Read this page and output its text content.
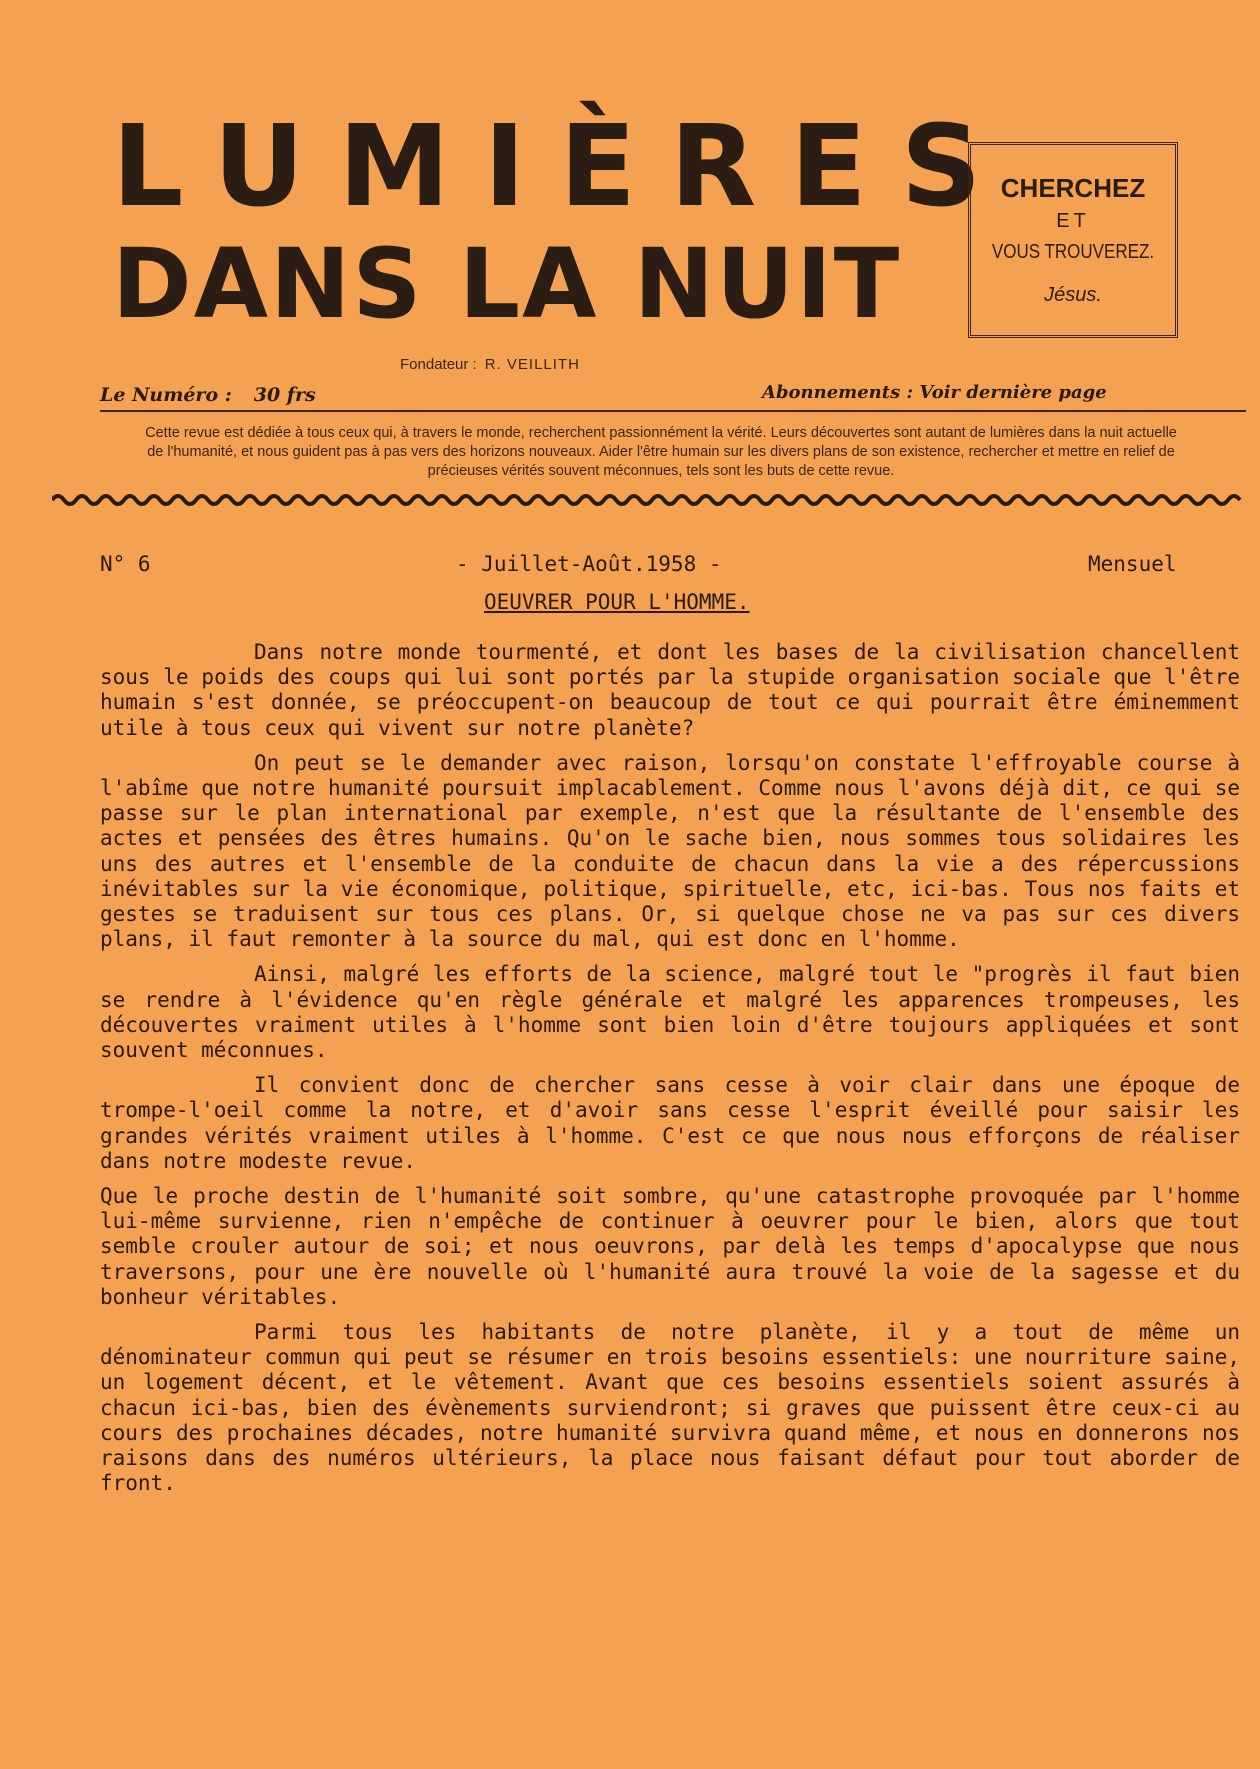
LUMIÈRES
DANS LA NUIT
CHERCHEZ
ET
VOUS TROUVEREZ.
Jésus.
Fondateur : R. VEILLITH
Le Numéro : 30 frs	Abonnements : Voir dernière page
Cette revue est dédiée à tous ceux qui, à travers le monde, recherchent passionnément la vérité. Leurs découvertes sont autant de lumières dans la nuit actuelle de l'humanité, et nous guident pas à pas vers des horizons nouveaux. Aider l'être humain sur les divers plans de son existence, rechercher et mettre en relief de précieuses vérités souvent méconnues, tels sont les buts de cette revue.
N° 6	- Juillet-Août.1958 -	Mensuel
OEUVRER POUR L'HOMME.

Dans notre monde tourmenté, et dont les bases de la civilisation chancellent sous le poids des coups qui lui sont portés par la stupide organisation sociale que l'être humain s'est donnée, se préoccupent-on beaucoup de tout ce qui pourrait être éminemment utile à tous ceux qui vivent sur notre planète?

On peut se le demander avec raison, lorsqu'on constate l'effroyable course à l'abîme que notre humanité poursuit implacablement. Comme nous l'avons déjà dit, ce qui se passe sur le plan international par exemple, n'est que la résultante de l'ensemble des actes et pensées des êtres humains. Qu'on le sache bien, nous sommes tous solidaires les uns des autres et l'ensemble de la conduite de chacun dans la vie a des répercussions inévitables sur la vie économique, politique, spirituelle, etc, ici-bas. Tous nos faits et gestes se traduisent sur tous ces plans. Or, si quelque chose ne va pas sur ces divers plans, il faut remonter à la source du mal, qui est donc en l'homme.

Ainsi, malgré les efforts de la science, malgré tout le "progrès il faut bien se rendre à l'évidence qu'en règle générale et malgré les apparences trompeuses, les découvertes vraiment utiles à l'homme sont bien loin d'être toujours appliquées et sont souvent méconnues.

Il convient donc de chercher sans cesse à voir clair dans une époque de trompe-l'oeil comme la notre, et d'avoir sans cesse l'esprit éveillé pour saisir les grandes vérités vraiment utiles à l'homme. C'est ce que nous nous efforçons de réaliser dans notre modeste revue.

Que le proche destin de l'humanité soit sombre, qu'une catastrophe provoquée par l'homme lui-même survienne, rien n'empêche de continuer à oeuvrer pour le bien, alors que tout semble crouler autour de soi; et nous oeuvrons, par delà les temps d'apocalypse que nous traversons, pour une ère nouvelle où l'humanité aura trouvé la voie de la sagesse et du bonheur véritables.

Parmi tous les habitants de notre planète, il y a tout de même un dénominateur commun qui peut se résumer en trois besoins essentiels: une nourriture saine, un logement décent, et le vêtement. Avant que ces besoins essentiels soient assurés à chacun ici-bas, bien des évènements surviendront; si graves que puissent être ceux-ci au cours des prochaines décades, notre humanité survivra quand même, et nous en donnerons nos raisons dans des numéros ultérieurs, la place nous faisant défaut pour tout aborder de front.
